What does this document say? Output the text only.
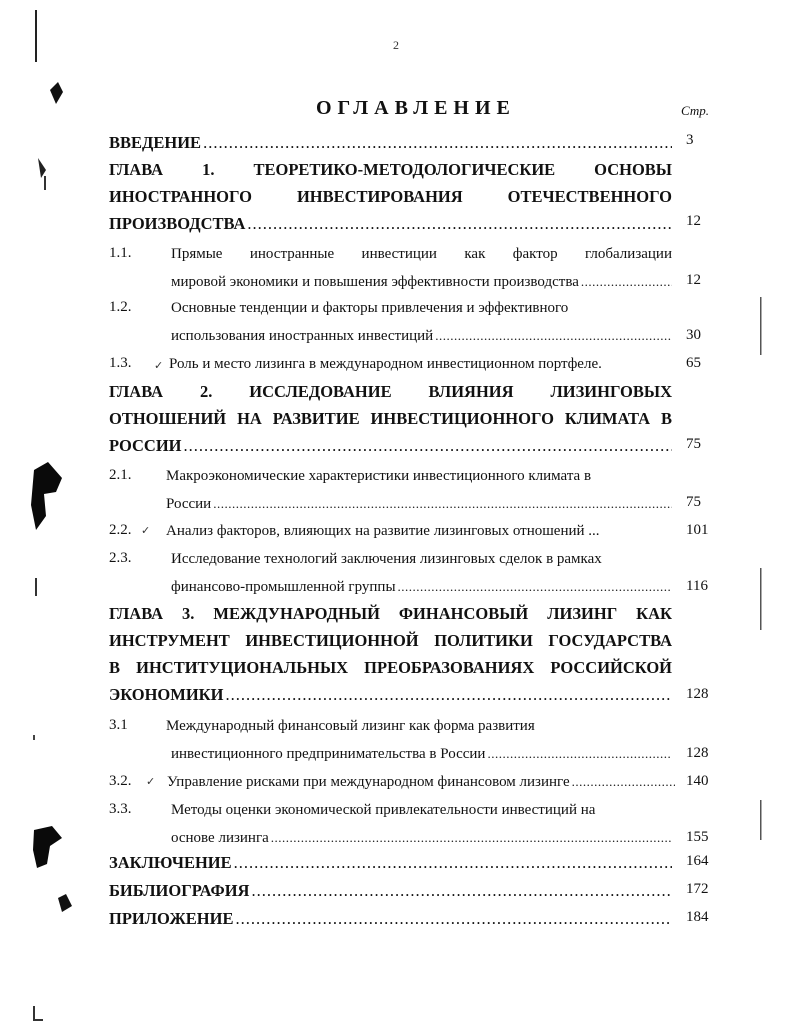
2
ОГЛАВЛЕНИЕ	Стр.
ВВЕДЕНИЕ .....	3
ГЛАВА 1. ТЕОРЕТИКО-МЕТОДОЛОГИЧЕСКИЕ ОСНОВЫ
ИНОСТРАННОГО ИНВЕСТИРОВАНИЯ ОТЕЧЕСТВЕННОГО
ПРОИЗВОДСТВА .....	12
1.1.	Прямые иностранные инвестиции как фактор глобализации
мировой экономики и повышения эффективности производства .....	12
1.2.	Основные тенденции и факторы привлечения и эффективного
использования иностранных инвестиций .....	30
1.3. ✓ Роль и место лизинга в международном инвестиционном портфеле.	65
ГЛАВА 2. ИССЛЕДОВАНИЕ ВЛИЯНИЯ ЛИЗИНГОВЫХ
ОТНОШЕНИЙ НА РАЗВИТИЕ ИНВЕСТИЦИОННОГО КЛИМАТА В
РОССИИ .....	75
2.1. Макроэкономические характеристики инвестиционного климата в
России .....	75
2.2. ✓ Анализ факторов, влияющих на развитие лизинговых отношений ...	101
2.3.	Исследование технологий заключения лизинговых сделок в рамках
финансово-промышленной группы .....	116
ГЛАВА 3. МЕЖДУНАРОДНЫЙ ФИНАНСОВЫЙ ЛИЗИНГ КАК
ИНСТРУМЕНТ ИНВЕСТИЦИОННОЙ ПОЛИТИКИ ГОСУДАРСТВА
В ИНСТИТУЦИОНАЛЬНЫХ ПРЕОБРАЗОВАНИЯХ РОССИЙСКОЙ
ЭКОНОМИКИ .....	128
3.1	Международный финансовый лизинг как форма развития
инвестиционного предпринимательства в России .....	128
3.2. ✓ Управление рисками при международном финансовом лизинге .....	140
3.3.	Методы оценки экономической привлекательности инвестиций на
основе лизинга .....	155
ЗАКЛЮЧЕНИЕ .....	164
БИБЛИОГРАФИЯ .....	172
ПРИЛОЖЕНИЕ .....	184
